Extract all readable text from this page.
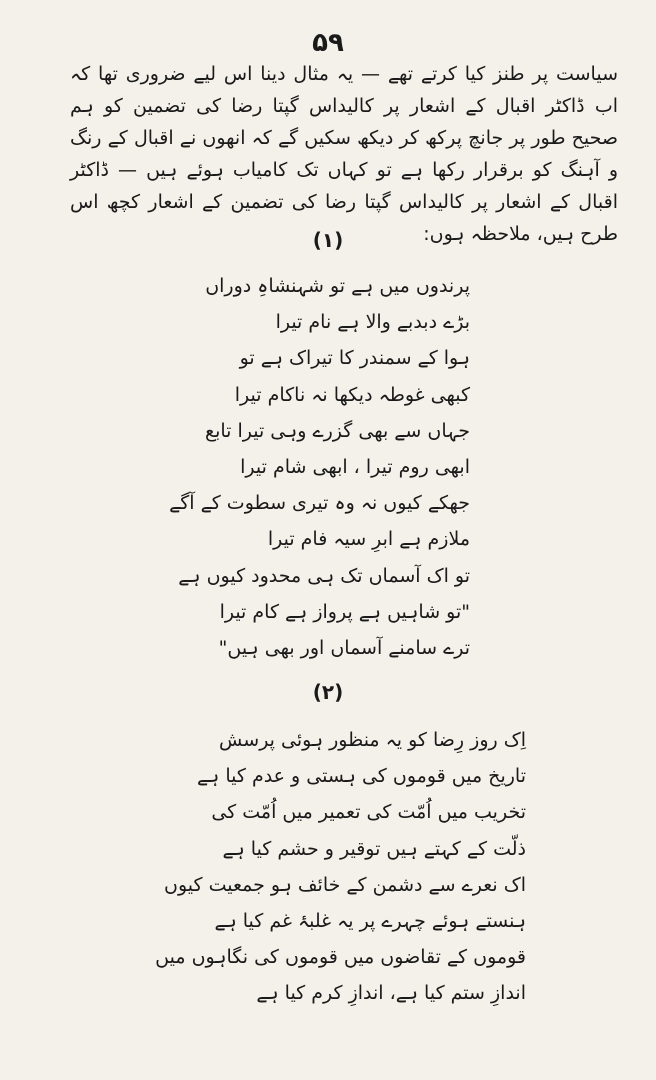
۵۹

سیاست پر طنز کیا کرتے تھے — یہ مثال دینا اس لیے ضروری تھا کہ اب ڈاکٹر اقبال کے اشعار پر کالیداس گپتا رضا کی تضمین کو ہم صحیح طور پر جانچ پرکھ کر دیکھ سکیں گے کہ انھوں نے اقبال کے رنگ و آہنگ کو برقرار رکھا ہے تو کہاں تک کامیاب ہوئے ہیں — ڈاکٹر اقبال کے اشعار پر کالیداس گپتا رضا کی تضمین کے اشعار کچھ اس طرح ہیں، ملاحظہ ہوں:

(۱)
پرندوں میں ہے تو شہنشاہِ دوراں
بڑے دبدبے والا ہے نام تیرا
ہوا کے سمندر کا تیراک ہے تو
کبھی غوطہ دیکھا نہ ناکام تیرا
جہاں سے بھی گزرے وہی تیرا تابع
ابھی روم تیرا ، ابھی شام تیرا
جھکے کیوں نہ وہ تیری سطوت کے آگے
ملازم ہے ابرِ سیہ فام تیرا
تو اک آسماں تک ہی محدود کیوں ہے
"تو شاہیں ہے پرواز ہے کام تیرا
ترے سامنے آسماں اور بھی ہیں"
(۲)
اِک روز رِضا کو یہ منظور ہوئی پرسش
تاریخ میں قوموں کی ہستی و عدم کیا ہے
تخریب میں اُمّت کی تعمیر میں اُمّت کی
ذلّت کے کہتے ہیں توقیر و حشم کیا ہے
اک نعرے سے دشمن کے خائف ہو جمعیت کیوں
ہنستے ہوئے چہرے پر یہ غلبۂ غم کیا ہے
قوموں کے تقاضوں میں قوموں کی نگاہوں میں
اندازِ ستم کیا ہے، اندازِ کرم کیا ہے
